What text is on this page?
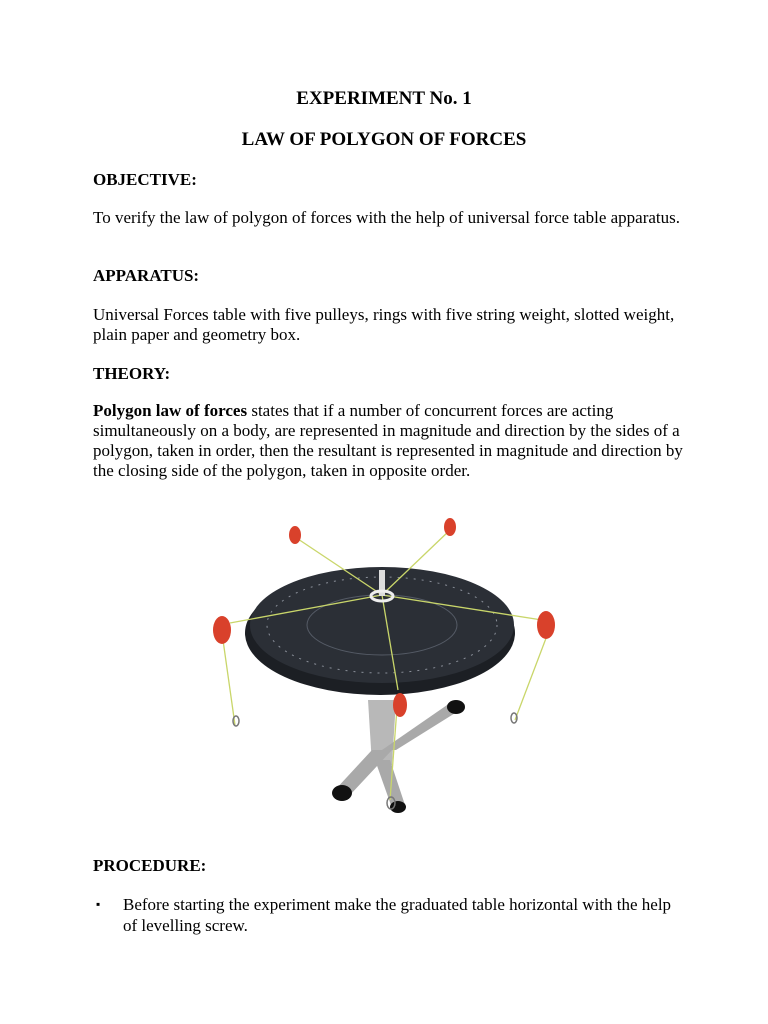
EXPERIMENT No. 1
LAW OF POLYGON OF FORCES
OBJECTIVE:
To verify the law of polygon of forces with the help of universal force table apparatus.
APPARATUS:
Universal Forces table with five pulleys, rings with five string weight, slotted weight, plain paper and geometry box.
THEORY:
Polygon law of forces states that if a number of concurrent forces are acting simultaneously on a body, are represented in magnitude and direction by the sides of a polygon, taken in order, then the resultant is represented in magnitude and direction by the closing side of the polygon, taken in opposite order.
PROCEDURE:
▪ Before starting the experiment make the graduated table horizontal with the help of levelling screw.
